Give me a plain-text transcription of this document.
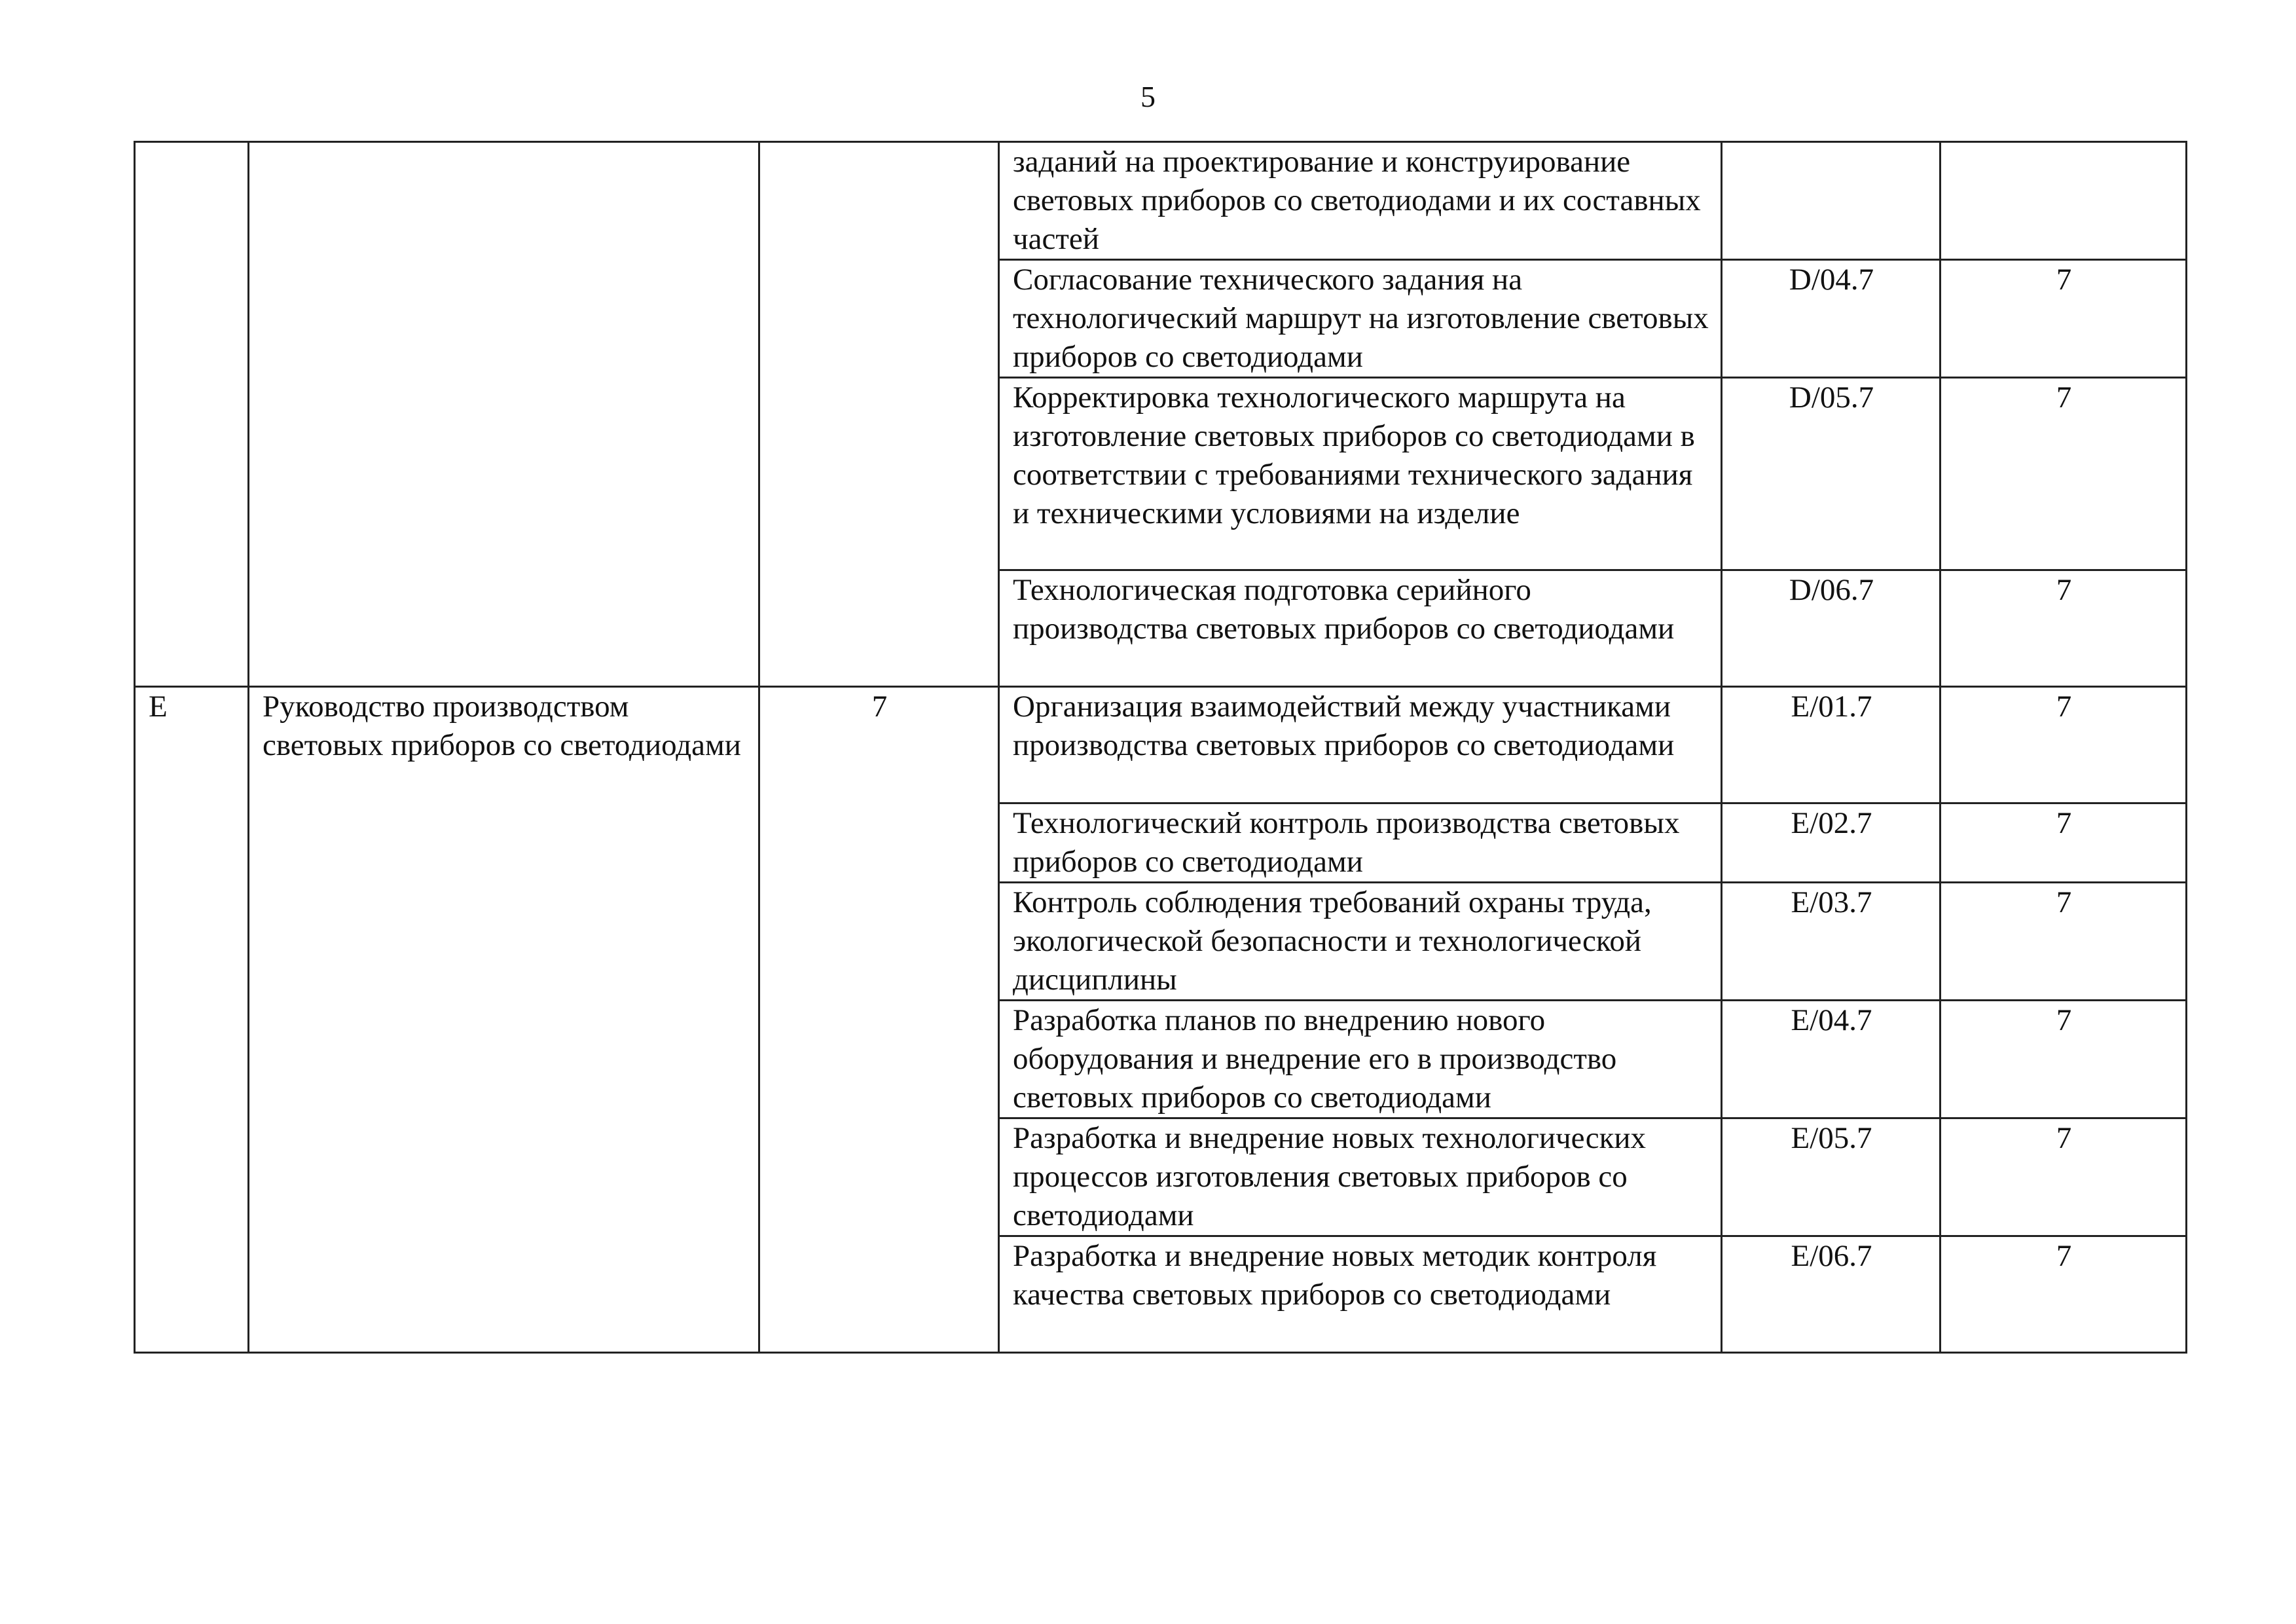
5

			заданий на проектирование и конструирование световых приборов со светодиодами и их составных частей		

			Согласование технического задания на технологический маршрут на изготовление световых приборов со светодиодами	D/04.7	7

			Корректировка технологического маршрута на изготовление световых приборов со светодиодами в соответствии с требованиями технического задания и техническими условиями на изделие	D/05.7	7

			Технологическая подготовка серийного производства световых приборов со светодиодами	D/06.7	7

E	Руководство производством световых приборов со светодиодами	7	Организация взаимодействий между участниками производства световых приборов со светодиодами	E/01.7	7

			Технологический контроль производства световых приборов со светодиодами	E/02.7	7

			Контроль соблюдения требований охраны труда, экологической безопасности и технологической дисциплины	E/03.7	7

			Разработка планов по внедрению нового оборудования и внедрение его в производство световых приборов со светодиодами	E/04.7	7

			Разработка и внедрение новых технологических процессов изготовления световых приборов со светодиодами	E/05.7	7

			Разработка и внедрение новых методик контроля качества световых приборов со светодиодами	E/06.7	7
